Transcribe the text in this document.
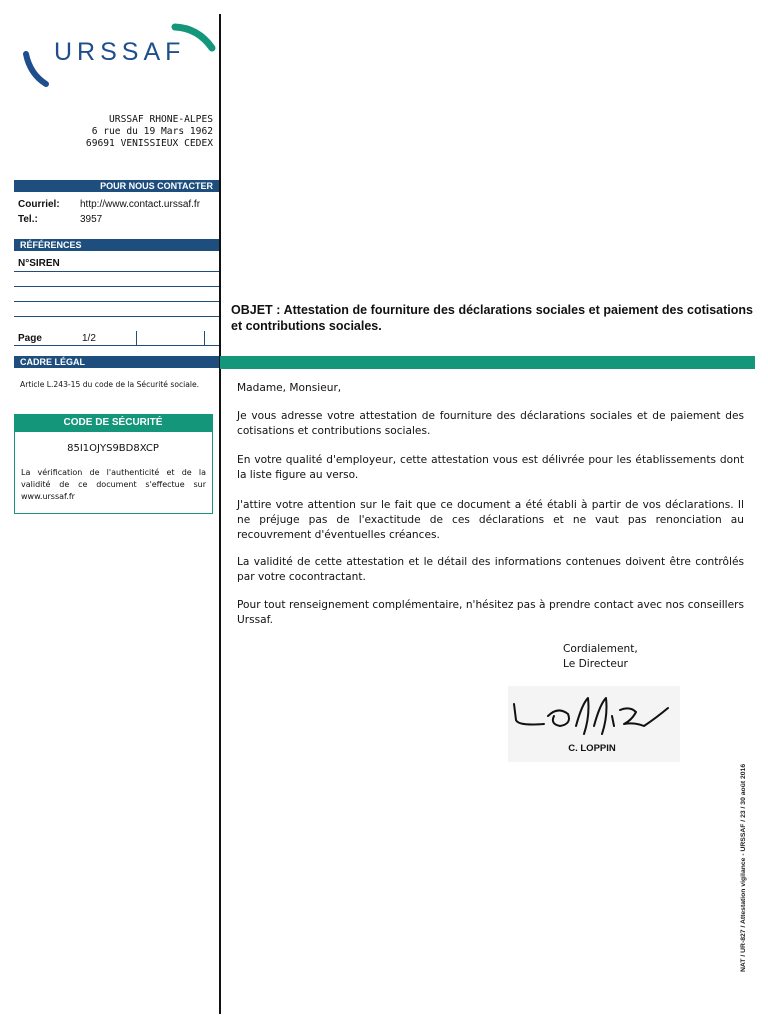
URSSAF
URSSAF RHONE-ALPES
6 rue du 19 Mars 1962
69691 VENISSIEUX CEDEX
POUR NOUS CONTACTER
Courriel: http://www.contact.urssaf.fr
Tel.:	3957
RÉFÉRENCES
N°SIREN
Page	1/2
OBJET : Attestation de fourniture des déclarations sociales et paiement des cotisations et contributions sociales.
CADRE LÉGAL
Article L.243-15 du code de la Sécurité sociale.
CODE DE SÉCURITÉ
85I1OJYS9BD8XCP
La vérification de l'authenticité et de la validité de ce document s'effectue sur www.urssaf.fr
Madame, Monsieur,
Je vous adresse votre attestation de fourniture des déclarations sociales et de paiement des cotisations et contributions sociales.
En votre qualité d'employeur, cette attestation vous est délivrée pour les établissements dont la liste figure au verso.
J'attire votre attention sur le fait que ce document a été établi à partir de vos déclarations. Il ne préjuge pas de l'exactitude de ces déclarations et ne vaut pas renonciation au recouvrement d'éventuelles créances.
La validité de cette attestation et le détail des informations contenues doivent être contrôlés par votre cocontractant.
Pour tout renseignement complémentaire, n'hésitez pas à prendre contact avec nos conseillers Urssaf.
Cordialement,
Le Directeur
C. LOPPIN
NAT / UR-827 / Attestation vigilance - URSSAF / 23 / 30 août 2016
